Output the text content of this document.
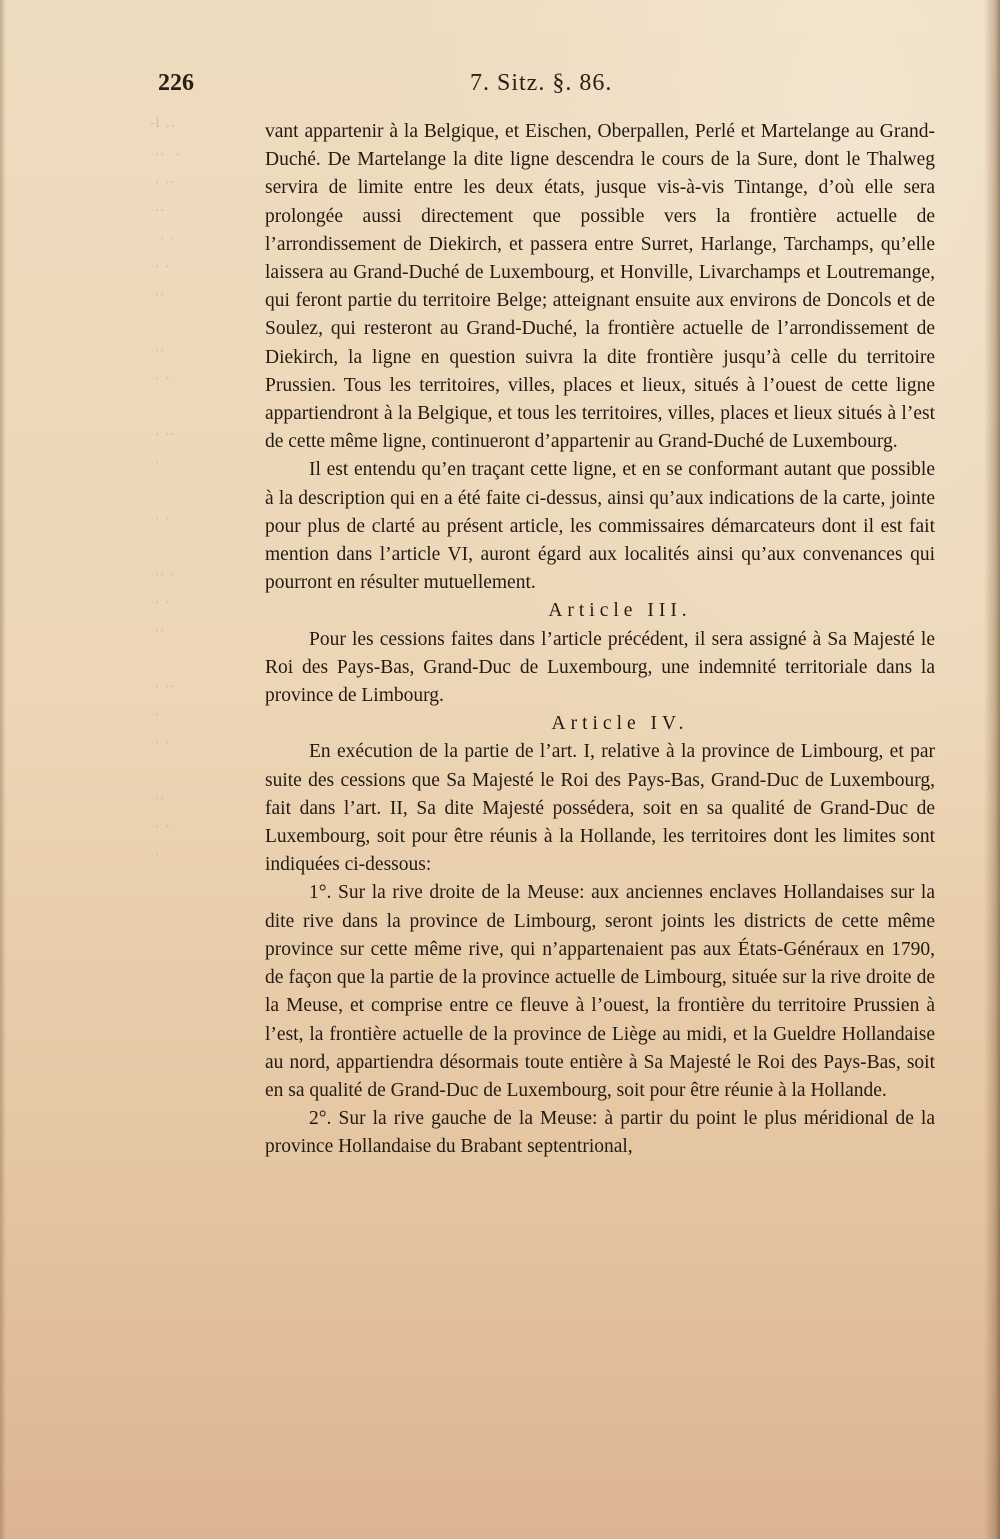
-l ..
..  .
. ..
..
. .
. .
..

..
. .

. ..
.

. .

.. .
. .
..

. ..
.
. .

..
. .
.
226	7. Sitz. §. 86.

vant appartenir à la Belgique, et Eischen, Oberpallen, Perlé et Martelange au Grand-Duché. De Martelange la dite ligne descendra le cours de la Sure, dont le Thalweg servira de limite entre les deux états, jusque vis-à-vis Tintange, d’où elle sera prolongée aussi directement que possible vers la frontière actuelle de l’arrondissement de Diekirch, et passera entre Surret, Harlange, Tarchamps, qu’elle laissera au Grand-Duché de Luxembourg, et Honville, Livarchamps et Loutremange, qui feront partie du territoire Belge; atteignant ensuite aux environs de Doncols et de Soulez, qui resteront au Grand-Duché, la frontière actuelle de l’arrondissement de Diekirch, la ligne en question suivra la dite frontière jusqu’à celle du territoire Prussien. Tous les territoires, villes, places et lieux, situés à l’ouest de cette ligne appartiendront à la Belgique, et tous les territoires, villes, places et lieux situés à l’est de cette même ligne, continueront d’appartenir au Grand-Duché de Luxembourg.

Il est entendu qu’en traçant cette ligne, et en se conformant autant que possible à la description qui en a été faite ci-dessus, ainsi qu’aux indications de la carte, jointe pour plus de clarté au présent article, les commissaires démarcateurs dont il est fait mention dans l’article VI, auront égard aux localités ainsi qu’aux convenances qui pourront en résulter mutuellement.

Article III.

Pour les cessions faites dans l’article précédent, il sera assigné à Sa Majesté le Roi des Pays-Bas, Grand-Duc de Luxembourg, une indemnité territoriale dans la province de Limbourg.

Article IV.

En exécution de la partie de l’art. I, relative à la province de Limbourg, et par suite des cessions que Sa Majesté le Roi des Pays-Bas, Grand-Duc de Luxembourg, fait dans l’art. II, Sa dite Majesté possédera, soit en sa qualité de Grand-Duc de Luxembourg, soit pour être réunis à la Hollande, les territoires dont les limites sont indiquées ci-dessous:

1°. Sur la rive droite de la Meuse: aux anciennes enclaves Hollandaises sur la dite rive dans la province de Limbourg, seront joints les districts de cette même province sur cette même rive, qui n’appartenaient pas aux États-Généraux en 1790, de façon que la partie de la province actuelle de Limbourg, située sur la rive droite de la Meuse, et comprise entre ce fleuve à l’ouest, la frontière du territoire Prussien à l’est, la frontière actuelle de la province de Liège au midi, et la Gueldre Hollandaise au nord, appartiendra désormais toute entière à Sa Majesté le Roi des Pays-Bas, soit en sa qualité de Grand-Duc de Luxembourg, soit pour être réunie à la Hollande.

2°. Sur la rive gauche de la Meuse: à partir du point le plus méridional de la province Hollandaise du Brabant septentrional,
